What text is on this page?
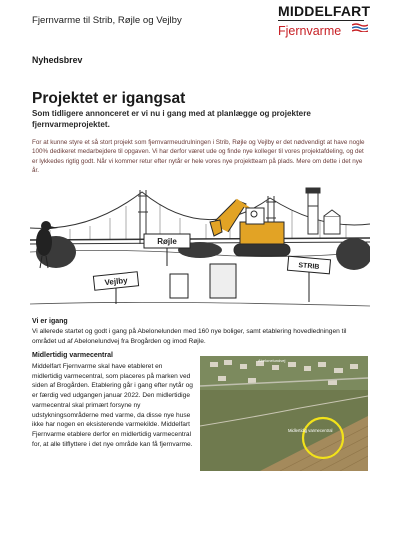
Fjernvarme til Strib, Røjle og Vejlby
MIDDELFART
Fjernvarme
Nyhedsbrev
Projektet er igangsat

Som tidligere annonceret er vi nu i gang med at planlægge og projektere fjernvarmeprojektet.

For at kunne styre et så stort projekt som fjernvarmeudrulningen i Strib, Røjle og Vejlby er det nødvendigt at have nogle 100% dedikeret medarbejdere til opgaven. Vi har derfor været ude og finde nye kolleger til vores projektafdeling, og det er lykkedes rigtig godt. Når vi kommer retur efter nytår er hele vores nye projektteam på plads. Mere om dette i det nye år.

Røjle
Vejlby
STRIB
Vi er igang

Vi allerede startet og godt i gang på Abelonelunden med 160 nye boliger, samt etablering hovedledningen til området ud af Abelonelundvej fra Brogården og imod Røjle.

Midlertidig varmecentral

Middelfart Fjernvarme skal have etableret en midlertidig varmecentral, som placeres på marken ved siden af Brogården. Etablering går i gang efter nytår og er færdig ved udgangen januar 2022. Den midlertidige varmecentral skal primært forsyne ny udstykningsområderne med varme, da disse nye huse ikke har nogen en eksisterende varmekilde. Middelfart Fjernvarme etablere derfor en midlertidig varmecentral for, at alle tilflyttere i det nye område kan få fjernvarme.

Abelonelundvej
Midlertidig varmecentral
